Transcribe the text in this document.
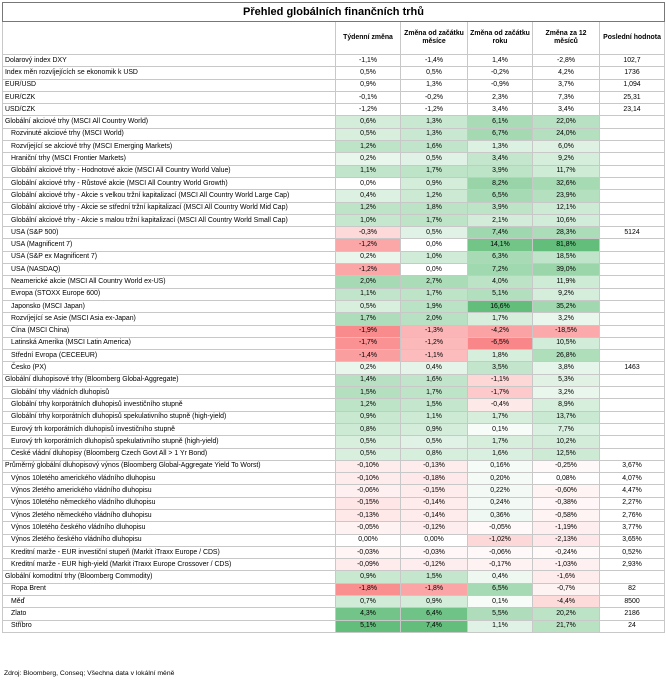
Přehled globálních finančních trhů					
	Týdenní změna	Změna od začátku měsíce	Změna od začátku roku	Změna za 12 měsíců	Poslední hodnota
Dolarový index DXY	-1,1%	-1,4%	1,4%	-2,8%	102,7
Index měn rozvíjejících se ekonomik k USD	0,5%	0,5%	-0,2%	4,2%	1736
EUR/USD	0,9%	1,3%	-0,9%	3,7%	1,094
EUR/CZK	-0,1%	-0,2%	2,3%	7,3%	25,31
USD/CZK	-1,2%	-1,2%	3,4%	3,4%	23,14
Globální akciové trhy (MSCI All Country World)	0,6%	1,3%	6,1%	22,0%	
Rozvinuté akciové trhy (MSCI World)	0,5%	1,3%	6,7%	24,0%	
Rozvíjející se akciové trhy (MSCI Emerging Markets)	1,2%	1,6%	1,3%	6,0%	
Hraniční trhy (MSCI Frontier Markets)	0,2%	0,5%	3,4%	9,2%	
Globální akciové trhy - Hodnotové akcie (MSCI All Country World Value)	1,1%	1,7%	3,9%	11,7%	
Globální akciové trhy - Růstové akcie (MSCI All Country World Growth)	0,0%	0,9%	8,2%	32,6%	
Globální akciové trhy - Akcie s velkou tržní kapitalizací (MSCI All Country World Large Cap)	0,4%	1,2%	6,5%	23,9%	
Globální akciové trhy - Akcie se střední tržní kapitalizací (MSCI All Country World Mid Cap)	1,2%	1,8%	3,9%	12,1%	
Globální akciové trhy - Akcie s malou tržní kapitalizací (MSCI All Country World Small Cap)	1,0%	1,7%	2,1%	10,6%	
USA (S&P 500)	-0,3%	0,5%	7,4%	28,3%	5124
USA (Magnificent 7)	-1,2%	0,0%	14,1%	81,8%	
USA (S&P ex Magnificent 7)	0,2%	1,0%	6,3%	18,5%	
USA (NASDAQ)	-1,2%	0,0%	7,2%	39,0%	
Neamerické akcie (MSCI All Country World ex-US)	2,0%	2,7%	4,0%	11,9%	
Evropa (STOXX Europe 600)	1,1%	1,7%	5,1%	9,2%	
Japonsko (MSCI Japan)	0,5%	1,9%	16,6%	35,2%	
Rozvíjející se Asie (MSCI Asia ex-Japan)	1,7%	2,0%	1,7%	3,2%	
Čína (MSCI China)	-1,9%	-1,3%	-4,2%	-18,5%	
Latinská Amerika (MSCI Latin America)	-1,7%	-1,2%	-6,5%	10,5%	
Střední Evropa (CECEEUR)	-1,4%	-1,1%	1,8%	26,8%	
Česko (PX)	0,2%	0,4%	3,5%	3,8%	1463
Globální dluhopisové trhy (Bloomberg Global-Aggregate)	1,4%	1,6%	-1,1%	5,3%	
Globální trhy vládních dluhopisů	1,5%	1,7%	-1,7%	3,2%	
Globální trhy korporátních dluhopisů investičního stupně	1,2%	1,5%	-0,4%	8,9%	
Globální trhy korporátních dluhopisů spekulativního stupně (high-yield)	0,9%	1,1%	1,7%	13,7%	
Eurový trh korporátních dluhopisů investičního stupně	0,8%	0,9%	0,1%	7,7%	
Eurový trh korporátních dluhopisů spekulativního stupně (high-yield)	0,5%	0,5%	1,7%	10,2%	
České vládní dluhopisy (Bloomberg Czech Govt All > 1 Yr Bond)	0,5%	0,8%	1,6%	12,5%	
Průměrný globální dluhopisový výnos (Bloomberg Global-Aggregate Yield To Worst)	-0,10%	-0,13%	0,16%	-0,25%	3,67%
Výnos 10letého amerického vládního dluhopisu	-0,10%	-0,18%	0,20%	0,08%	4,07%
Výnos 2letého amerického vládního dluhopisu	-0,06%	-0,15%	0,22%	-0,60%	4,47%
Výnos 10letého německého vládního dluhopisu	-0,15%	-0,14%	0,24%	-0,38%	2,27%
Výnos 2letého německého vládního dluhopisu	-0,13%	-0,14%	0,36%	-0,58%	2,76%
Výnos 10letého českého vládního dluhopisu	-0,05%	-0,12%	-0,05%	-1,19%	3,77%
Výnos 2letého českého vládního dluhopisu	0,00%	0,00%	-1,02%	-2,13%	3,65%
Kreditní marže - EUR investiční stupeň (Markit iTraxx Europe / CDS)	-0,03%	-0,03%	-0,06%	-0,24%	0,52%
Kreditní marže - EUR high-yield (Markit iTraxx Europe Crossover / CDS)	-0,09%	-0,12%	-0,17%	-1,03%	2,93%
Globální komoditní trhy (Bloomberg Commodity)	0,9%	1,5%	0,4%	-1,6%	
Ropa Brent	-1,8%	-1,8%	6,5%	-0,7%	82
Měď	0,7%	0,9%	0,1%	-4,4%	8500
Zlato	4,3%	6,4%	5,5%	20,2%	2186
Stříbro	5,1%	7,4%	1,1%	21,7%	24
Zdroj: Bloomberg, Conseq; Všechna data v lokální měně
